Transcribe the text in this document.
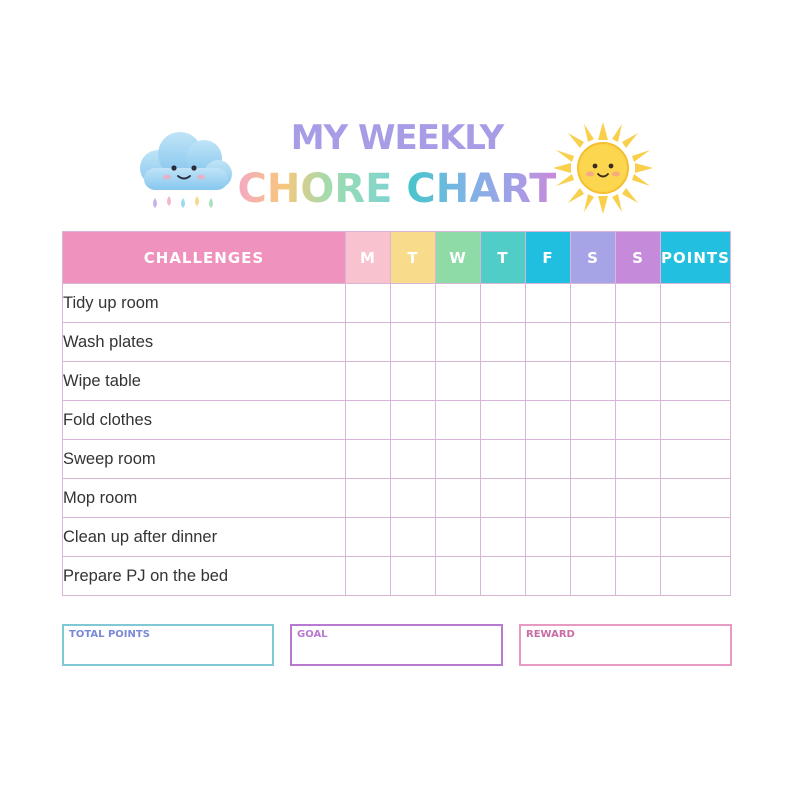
MY WEEKLY
CHORE CHART
CHALLENGES	M	T	W	T	F	S	S	POINTS
Tidy up room								
Wash plates								
Wipe table								
Fold clothes								
Sweep room								
Mop room								
Clean up after dinner								
Prepare PJ on the bed								
TOTAL POINTS	GOAL	REWARD
